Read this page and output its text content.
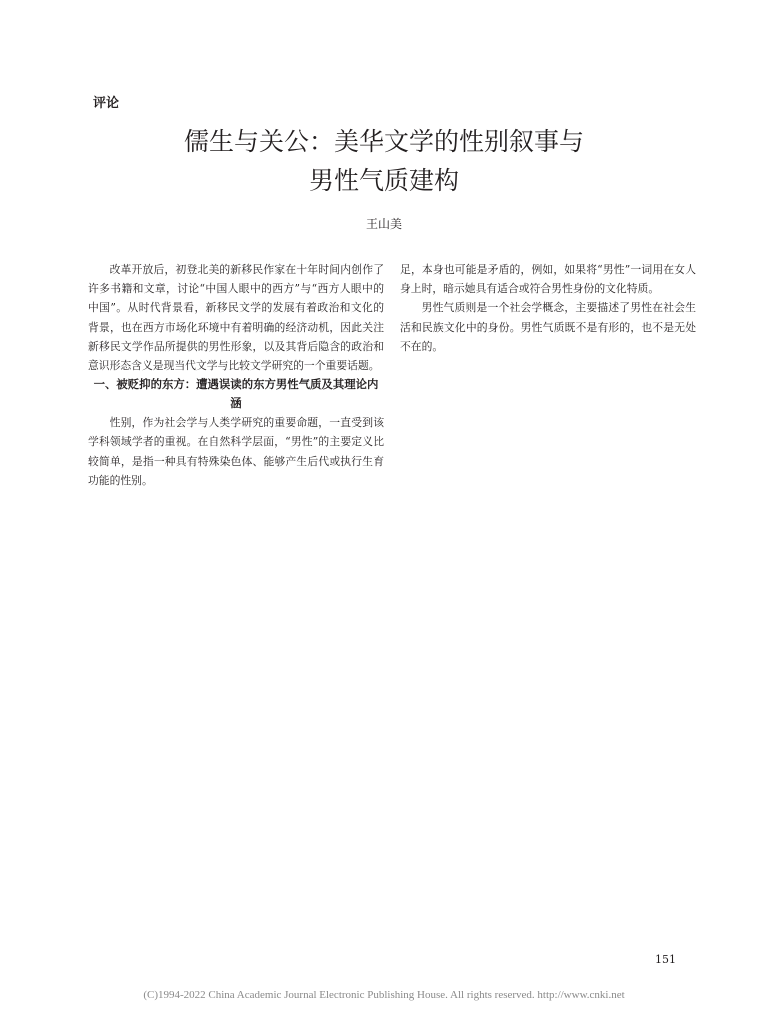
评论
儒生与关公：美华文学的性别叙事与
男性气质建构
王山美

改革开放后，初登北美的新移民作家在十年时间内创作了许多书籍和文章，讨论“中国人眼中的西方”与“西方人眼中的中国”。从时代背景看，新移民文学的发展有着政治和文化的背景，也在西方市场化环境中有着明确的经济动机，因此关注新移民文学作品所提供的男性形象，以及其背后隐含的政治和意识形态含义是现当代文学与比较文学研究的一个重要话题。

一、被贬抑的东方：遭遇误读的东方男性气质及其理论内涵

性别，作为社会学与人类学研究的重要命题，一直受到该学科领域学者的重视。在自然科学层面，“男性”的主要定义比较简单，是指一种具有特殊染色体、能够产生后代或执行生育功能的性别。

足，本身也可能是矛盾的，例如，如果将“男性”一词用在女人身上时，暗示她具有适合或符合男性身份的文化特质。

男性气质则是一个社会学概念，主要描述了男性在社会生活和民族文化中的身份。男性气质既不是有形的，也不是无处不在的。

151
(C)1994-2022 China Academic Journal Electronic Publishing House. All rights reserved. http://www.cnki.net
